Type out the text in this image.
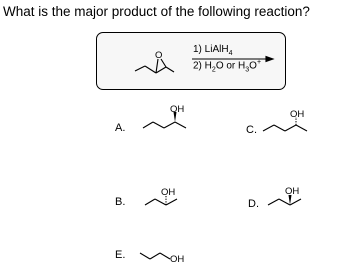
What is the major product of the following reaction?
1) LiAlH$_4$
2) $H_2O$ or $H_3O^+$
O
OH
OH
OH
OH
OH
A.
B.
C.
D.
E.
